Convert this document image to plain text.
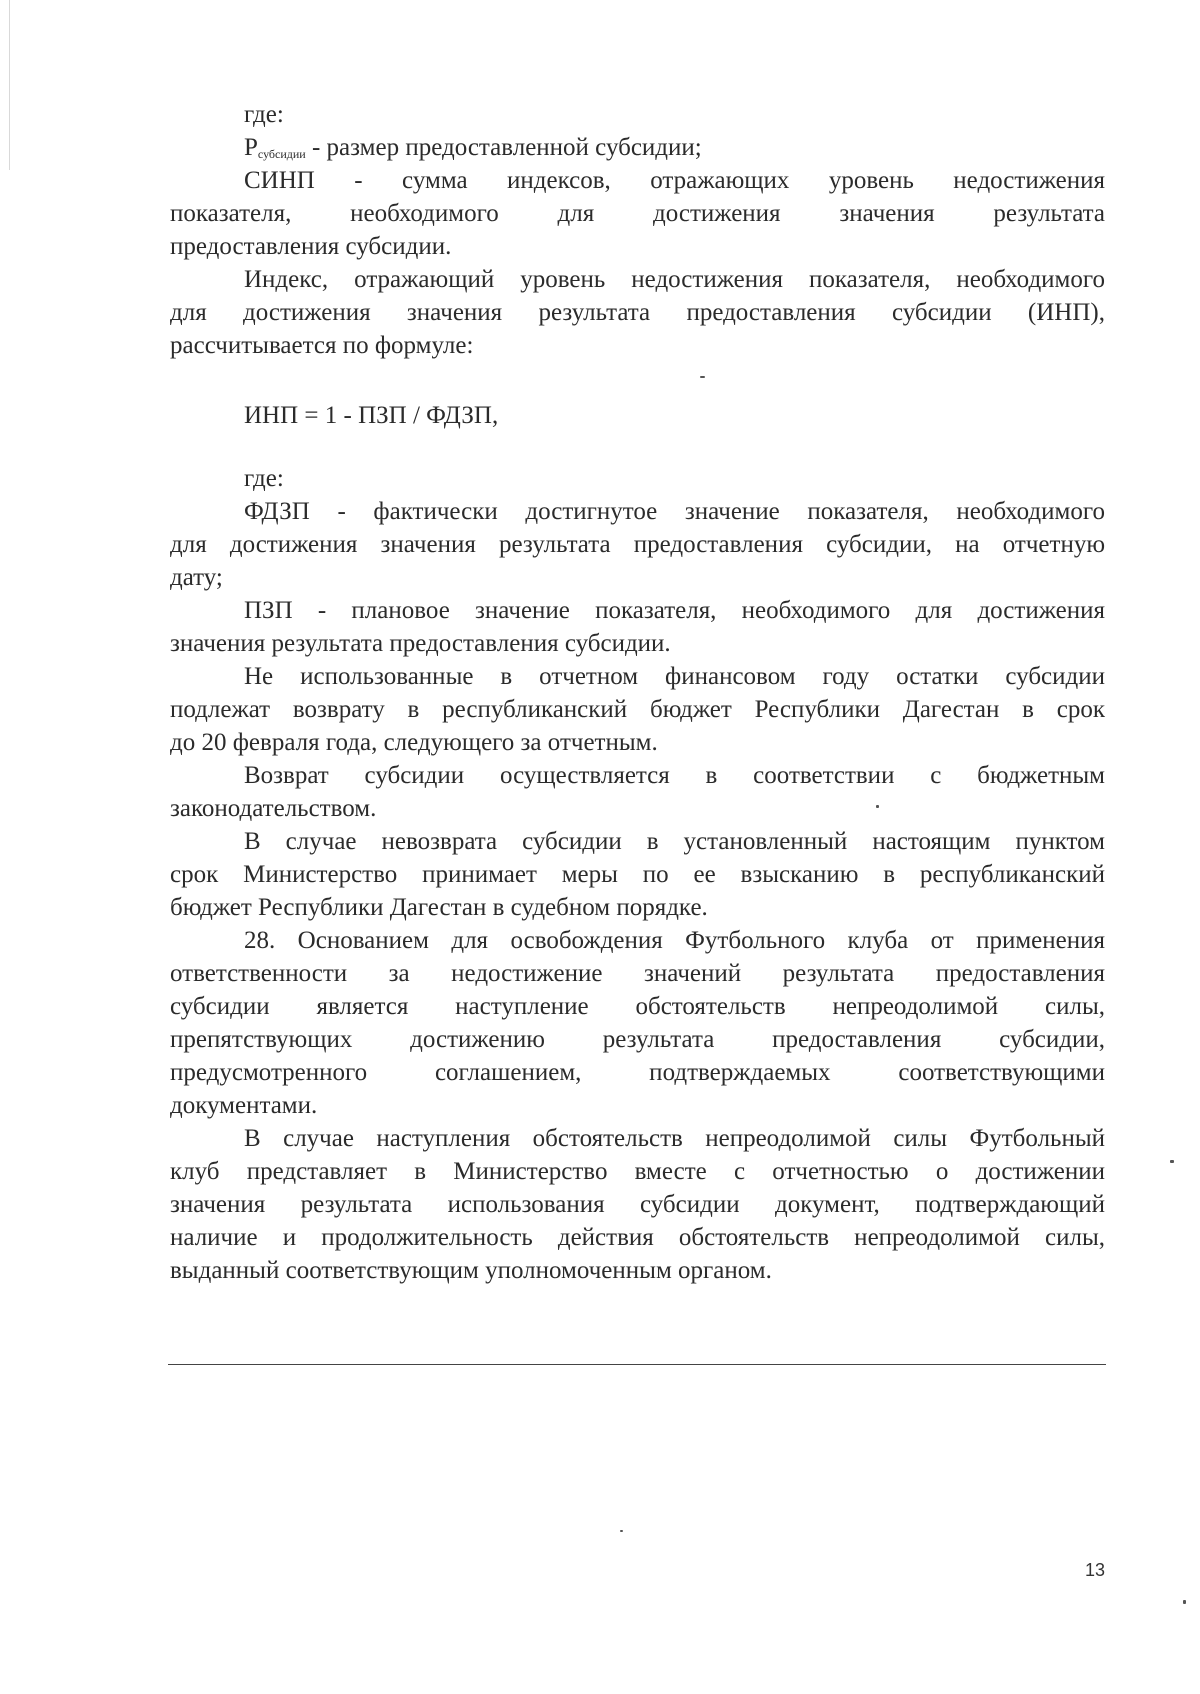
где:

$Р_{субсидии}$ - размер предоставленной субсидии;

СИНП - сумма индексов, отражающих уровень недостижения

показателя, необходимого для достижения значения результата

предоставления субсидии.

Индекс, отражающий уровень недостижения показателя, необходимого

для достижения значения результата предоставления субсидии (ИНП),

рассчитывается по формуле:

ИНП = 1 - ПЗП / ФДЗП,

где:

ФДЗП - фактически достигнутое значение показателя, необходимого

для достижения значения результата предоставления субсидии, на отчетную

дату;

ПЗП - плановое значение показателя, необходимого для достижения

значения результата предоставления субсидии.

Не использованные в отчетном финансовом году остатки субсидии

подлежат возврату в республиканский бюджет Республики Дагестан в срок

до 20 февраля года, следующего за отчетным.

Возврат субсидии осуществляется в соответствии с бюджетным

законодательством.

В случае невозврата субсидии в установленный настоящим пунктом

срок Министерство принимает меры по ее взысканию в республиканский

бюджет Республики Дагестан в судебном порядке.

28. Основанием для освобождения Футбольного клуба от применения

ответственности за недостижение значений результата предоставления

субсидии является наступление обстоятельств непреодолимой силы,

препятствующих достижению результата предоставления субсидии,

предусмотренного соглашением, подтверждаемых соответствующими

документами.

В случае наступления обстоятельств непреодолимой силы Футбольный

клуб представляет в Министерство вместе с отчетностью о достижении

значения результата использования субсидии документ, подтверждающий

наличие и продолжительность действия обстоятельств непреодолимой силы,

выданный соответствующим уполномоченным органом.

13
